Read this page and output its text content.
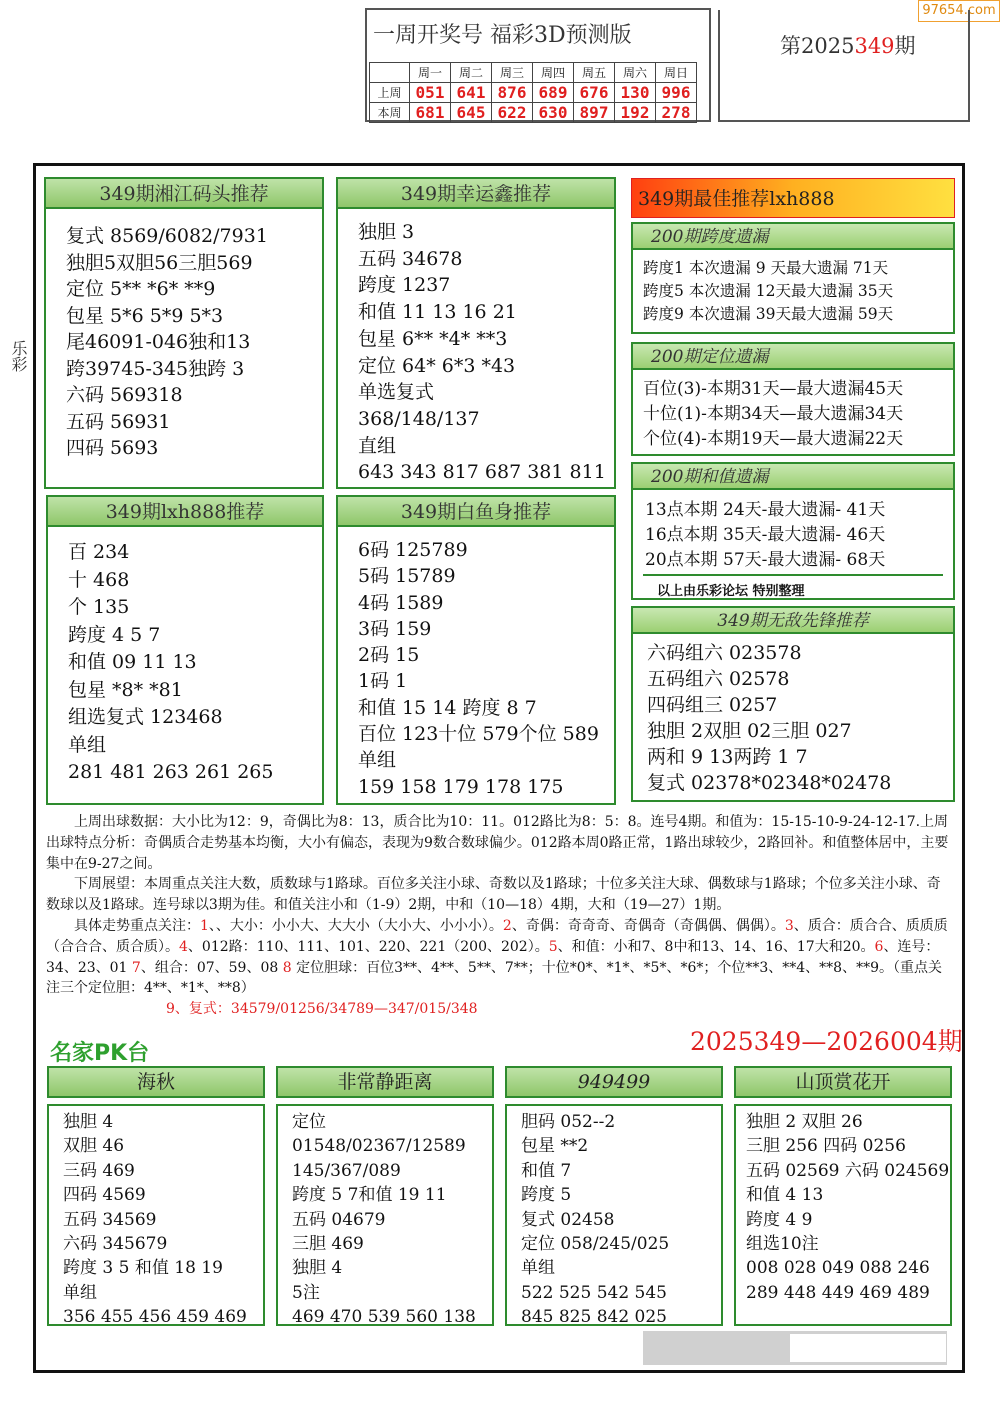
97654.com
一周开奖号 福彩3D预测版
	周一	周二	周三	周四	周五	周六	周日
上周	051	641	876	689	676	130	996
本周	681	645	622	630	897	192	278
第2025349期
乐彩
349期湘江码头推荐
复式 8569/6082/7931
独胆5双胆56三胆569
定位 5** *6* **9
包星 5*6 5*9 5*3
尾46091-046独和13
跨39745-345独跨 3
六码 569318
五码 56931
四码 5693
349期幸运鑫推荐
独胆 3
五码 34678
跨度 1237
和值 11 13 16 21
包星 6** *4* **3
定位 64* 6*3 *43
单选复式
368/148/137
直组
643 343 817 687 381 811
349期lxh888推荐
百 234
十 468
个 135
跨度 4 5 7
和值 09 11 13
包星 *8* *81
组选复式 123468
单组
281 481 263 261 265
349期白鱼身推荐
6码 125789
5码 15789
4码 1589
3码 159
2码 15
1码 1
和值 15 14 跨度 8 7
百位 123十位 579个位 589
单组
159 158 179 178 175
349期最佳推荐lxh888
200期跨度遗漏
跨度1 本次遗漏 9 天最大遗漏 71天
跨度5 本次遗漏 12天最大遗漏 35天
跨度9 本次遗漏 39天最大遗漏 59天
200期定位遗漏
百位(3)-本期31天—最大遗漏45天
十位(1)-本期34天—最大遗漏34天
个位(4)-本期19天—最大遗漏22天
200期和值遗漏
13点本期 24天-最大遗漏- 41天
16点本期 35天-最大遗漏- 46天
20点本期 57天-最大遗漏- 68天
以上由乐彩论坛 特别整理
349期无敌先锋推荐
六码组六 023578
五码组六 02578
四码组三 0257
独胆 2双胆 02三胆 027
两和 9 13两跨 1 7
复式 02378*02348*02478

上周出球数据：大小比为12：9，奇偶比为8：13，质合比为10：11。012路比为8：5：8。连号4期。和值为：15-15-10-9-24-12-17.上周出球特点分析：奇偶质合走势基本均衡，大小有偏态，表现为9数合数球偏少。012路本周0路正常，1路出球较少，2路回补。和值整体居中，主要集中在9-27之间。

下周展望：本周重点关注大数，质数球与1路球。百位多关注小球、奇数以及1路球；十位多关注大球、偶数球与1路球；个位多关注小球、奇数球以及1路球。连号球以3期为佳。和值关注小和（1-9）2期，中和（10—18）4期，大和（19—27）1期。

具体走势重点关注：1、、大小：小小大、大大小（大小大、小小小）。2、奇偶：奇奇奇、奇偶奇（奇偶偶、偶偶）。3、质合：质合合、质质质（合合合、质合质）。4、012路：110、111、101、220、221（200、202）。5、和值：小和7、8中和13、14、16、17大和20。6、连号：34、23、01 7、组合：07、59、08 8 定位胆球：百位3**、4**、5**、7**；十位*0*、*1*、*5*、*6*；个位**3、**4、**8、**9。（重点关注三个定位胆：4**、*1*、**8）

9、复式：34579/01256/34789—347/015/348

名家PK台	2025349—2026004期
海秋
独胆 4
双胆 46
三码 469
四码 4569
五码 34569
六码 345679
跨度 3 5 和值 18 19
单组
356 455 456 459 469
非常静距离
定位
01548/02367/12589
145/367/089
跨度 5 7和值 19 11
五码 04679
三胆 469
独胆 4
5注
469 470 539 560 138
949499
胆码 052--2
包星 **2
和值 7
跨度 5
复式 02458
定位 058/245/025
单组
522 525 542 545
845 825 842 025
山顶赏花开
独胆 2 双胆 26
三胆 256 四码 0256
五码 02569 六码 024569
和值 4 13
跨度 4 9
组选10注
008 028 049 088 246
289 448 449 469 489
